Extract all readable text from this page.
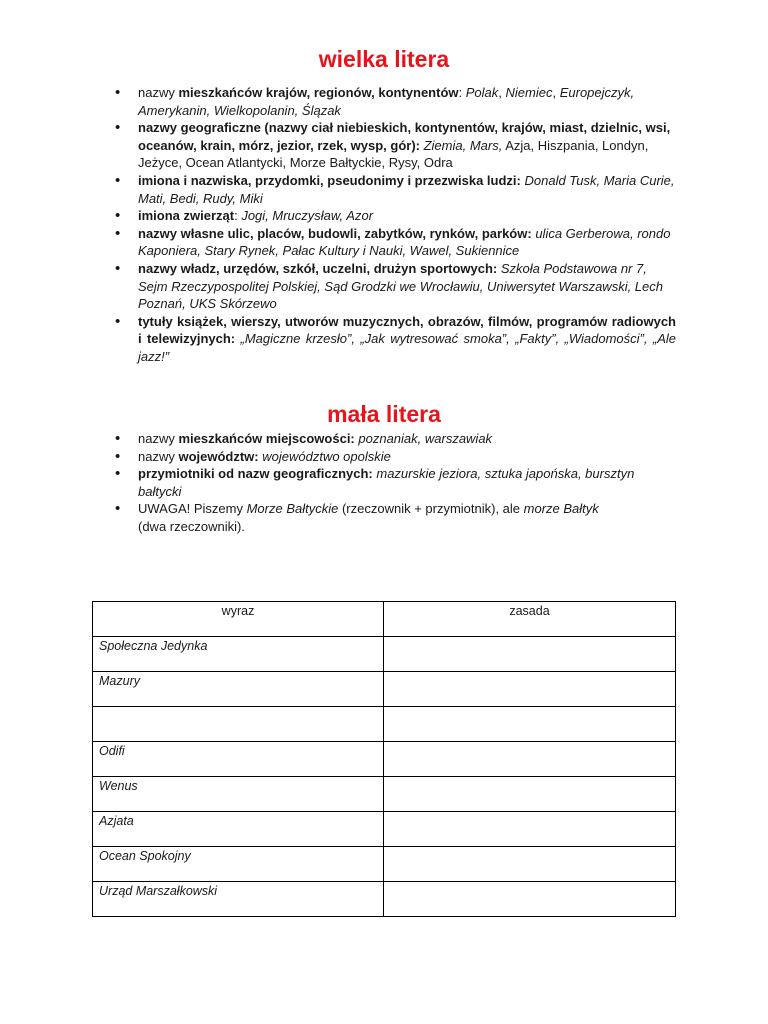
wielka litera
• nazwy mieszkańców krajów, regionów, kontynentów: Polak, Niemiec, Europejczyk,
Amerykanin, Wielkopolanin, Ślązak
• nazwy geograficzne (nazwy ciał niebieskich, kontynentów, krajów, miast, dzielnic, wsi, oceanów, krain, mórz, jezior, rzek, wysp, gór): Ziemia, Mars, Azja, Hiszpania, Londyn, Jeżyce, Ocean Atlantycki, Morze Bałtyckie, Rysy, Odra
• imiona i nazwiska, przydomki, pseudonimy i przezwiska ludzi: Donald Tusk, Maria Curie, Mati, Bedi, Rudy, Miki
• imiona zwierząt: Jogi, Mruczysław, Azor
• nazwy własne ulic, placów, budowli, zabytków, rynków, parków: ulica Gerberowa, rondo Kaponiera, Stary Rynek, Pałac Kultury i Nauki, Wawel, Sukiennice
• nazwy władz, urzędów, szkół, uczelni, drużyn sportowych: Szkoła Podstawowa nr 7, Sejm Rzeczypospolitej Polskiej, Sąd Grodzki we Wrocławiu, Uniwersytet Warszawski, Lech Poznań, UKS Skórzewo
• tytuły książek, wierszy, utworów muzycznych, obrazów, filmów, programów radiowych i telewizyjnych: „Magiczne krzesło”, „Jak wytresować smoka”, „Fakty”, „Wiadomości”, „Ale jazz!”
mała litera
• nazwy mieszkańców miejscowości: poznaniak, warszawiak
• nazwy województw: województwo opolskie
• przymiotniki od nazw geograficznych: mazurskie jeziora, sztuka japońska, bursztyn bałtycki
• UWAGA! Piszemy Morze Bałtyckie (rzeczownik + przymiotnik), ale morze Bałtyk
(dwa rzeczowniki).
wyraz	zasada
Społeczna Jedynka	
Mazury	

Odifi	
Wenus	
Azjata	
Ocean Spokojny	
Urząd Marszałkowski	
